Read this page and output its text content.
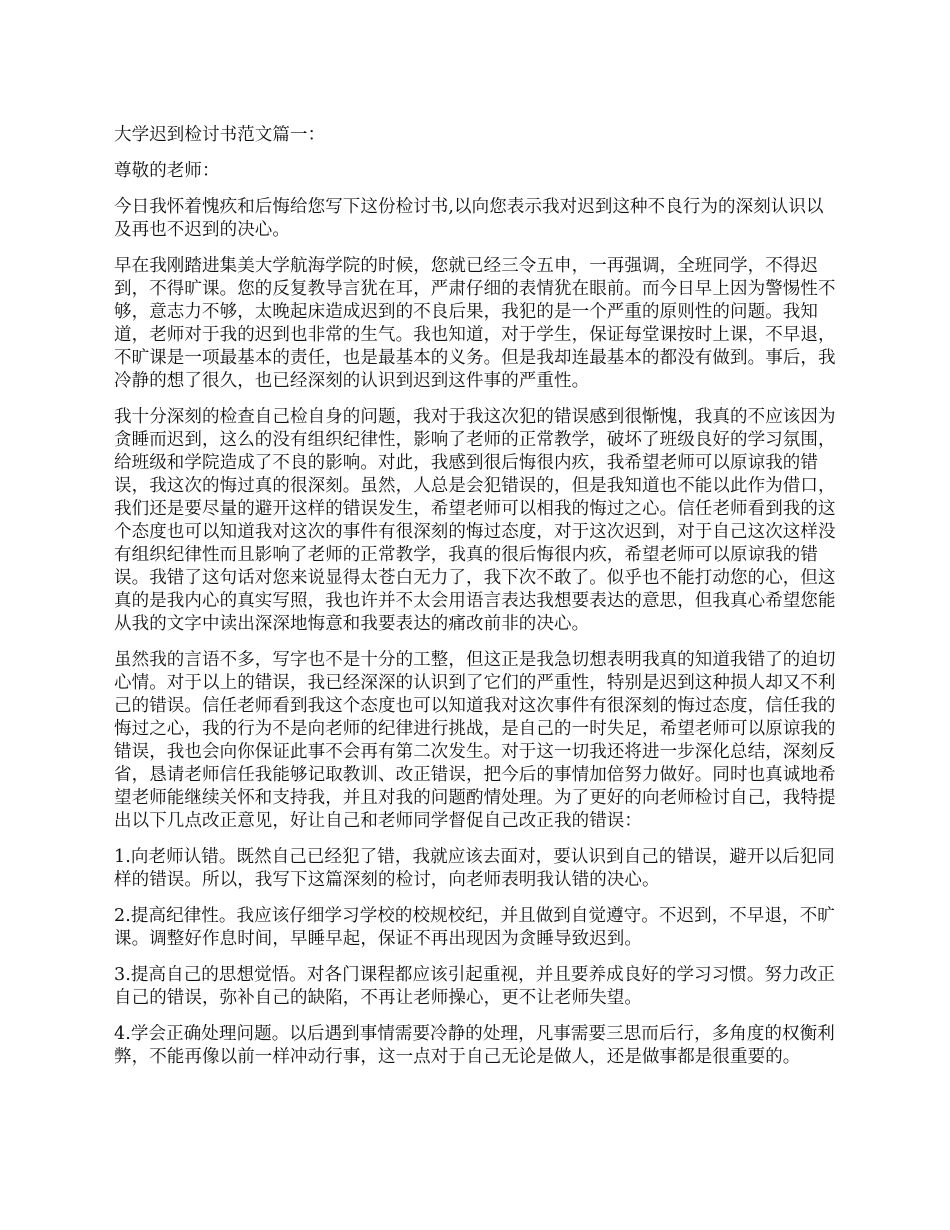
大学迟到检讨书范文篇一：

尊敬的老师：

今日我怀着愧疚和后悔给您写下这份检讨书,以向您表示我对迟到这种不良行为的深刻认识以及再也不迟到的决心。

早在我刚踏进集美大学航海学院的时候，您就已经三令五申，一再强调，全班同学，不得迟到，不得旷课。您的反复教导言犹在耳，严肃仔细的表情犹在眼前。而今日早上因为警惕性不够，意志力不够，太晚起床造成迟到的不良后果，我犯的是一个严重的原则性的问题。我知道，老师对于我的迟到也非常的生气。我也知道，对于学生，保证每堂课按时上课，不早退，不旷课是一项最基本的责任，也是最基本的义务。但是我却连最基本的都没有做到。事后，我冷静的想了很久，也已经深刻的认识到迟到这件事的严重性。

我十分深刻的检查自己检自身的问题，我对于我这次犯的错误感到很惭愧，我真的不应该因为贪睡而迟到，这么的没有组织纪律性，影响了老师的正常教学，破坏了班级良好的学习氛围，给班级和学院造成了不良的影响。对此，我感到很后悔很内疚，我希望老师可以原谅我的错误，我这次的悔过真的很深刻。虽然，人总是会犯错误的，但是我知道也不能以此作为借口，我们还是要尽量的避开这样的错误发生，希望老师可以相我的悔过之心。信任老师看到我的这个态度也可以知道我对这次的事件有很深刻的悔过态度，对于这次迟到，对于自己这次这样没有组织纪律性而且影响了老师的正常教学，我真的很后悔很内疚，希望老师可以原谅我的错误。我错了这句话对您来说显得太苍白无力了，我下次不敢了。似乎也不能打动您的心，但这真的是我内心的真实写照，我也许并不太会用语言表达我想要表达的意思，但我真心希望您能从我的文字中读出深深地悔意和我要表达的痛改前非的决心。

虽然我的言语不多，写字也不是十分的工整，但这正是我急切想表明我真的知道我错了的迫切心情。对于以上的错误，我已经深深的认识到了它们的严重性，特别是迟到这种损人却又不利己的错误。信任老师看到我这个态度也可以知道我对这次事件有很深刻的悔过态度，信任我的悔过之心，我的行为不是向老师的纪律进行挑战，是自己的一时失足，希望老师可以原谅我的错误，我也会向你保证此事不会再有第二次发生。对于这一切我还将进一步深化总结，深刻反省，恳请老师信任我能够记取教训、改正错误，把今后的事情加倍努力做好。同时也真诚地希望老师能继续关怀和支持我，并且对我的问题酌情处理。为了更好的向老师检讨自己，我特提出以下几点改正意见，好让自己和老师同学督促自己改正我的错误：

1.向老师认错。既然自己已经犯了错，我就应该去面对，要认识到自己的错误，避开以后犯同样的错误。所以，我写下这篇深刻的检讨，向老师表明我认错的决心。

2.提高纪律性。我应该仔细学习学校的校规校纪，并且做到自觉遵守。不迟到，不早退，不旷课。调整好作息时间，早睡早起，保证不再出现因为贪睡导致迟到。

3.提高自己的思想觉悟。对各门课程都应该引起重视，并且要养成良好的学习习惯。努力改正自己的错误，弥补自己的缺陷，不再让老师操心，更不让老师失望。

4.学会正确处理问题。以后遇到事情需要冷静的处理，凡事需要三思而后行，多角度的权衡利弊，不能再像以前一样冲动行事，这一点对于自己无论是做人，还是做事都是很重要的。
